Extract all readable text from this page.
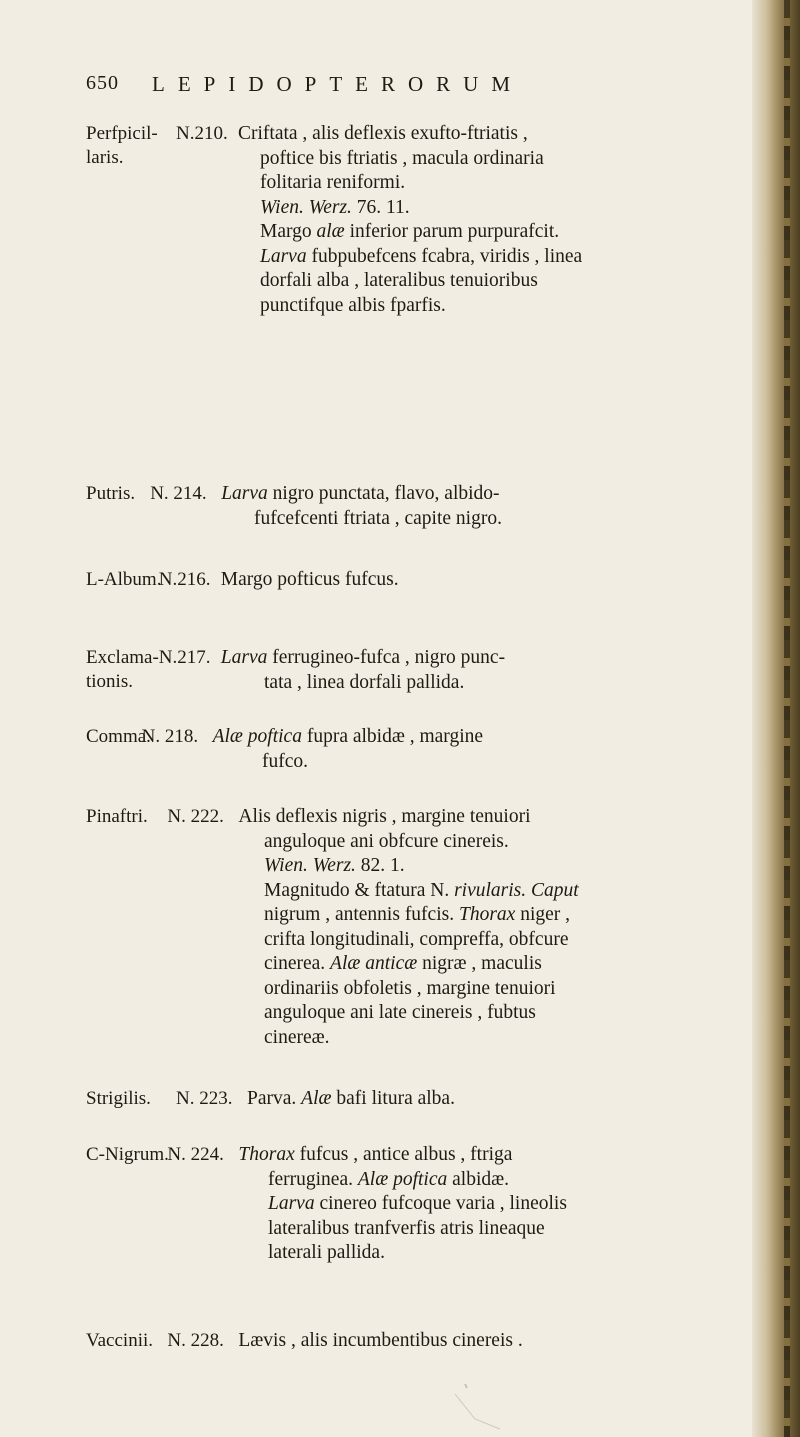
650 LEPIDOPTERORUM
Perfpicil-
laris.
N.210. Criftata , alis deflexis exufto-ftriatis ,
poftice bis ftriatis , macula ordinaria
folitaria reniformi.
Wien. Werz. 76. 11.
Margo alæ inferior parum purpurafcit.
Larva fubpubefcens fcabra, viridis , linea
dorfali alba , lateralibus tenuioribus
punctifque albis fparfis.
Putris. N. 214. Larva nigro punctata, flavo, albido-
fufcefcenti ftriata , capite nigro.
L-Album.
N.216. Margo pofticus fufcus.
Exclama-
tionis.
N.217. Larva ferrugineo-fufca , nigro punc-
tata , linea dorfali pallida.
Comma.
N. 218. Alæ poftica fupra albidæ , margine
fufco.
Pinaftri. N. 222. Alis deflexis nigris , margine tenuiori
anguloque ani obfcure cinereis.
Wien. Werz. 82. 1.
Magnitudo & ftatura N. rivularis. Caput
nigrum , antennis fufcis. Thorax niger ,
crifta longitudinali, compreffa, obfcure
cinerea. Alæ anticæ nigræ , maculis
ordinariis obfoletis , margine tenuiori
anguloque ani late cinereis , fubtus
cinereæ.
Strigilis. N. 223. Parva. Alæ bafi litura alba.
C-Nigrum.
N. 224. Thorax fufcus , antice albus , ftriga
ferruginea. Alæ poftica albidæ.
Larva cinereo fufcoque varia , lineolis
lateralibus tranfverfis atris lineaque
laterali pallida.
Vaccinii. N. 228. Lævis , alis incumbentibus cinereis .
